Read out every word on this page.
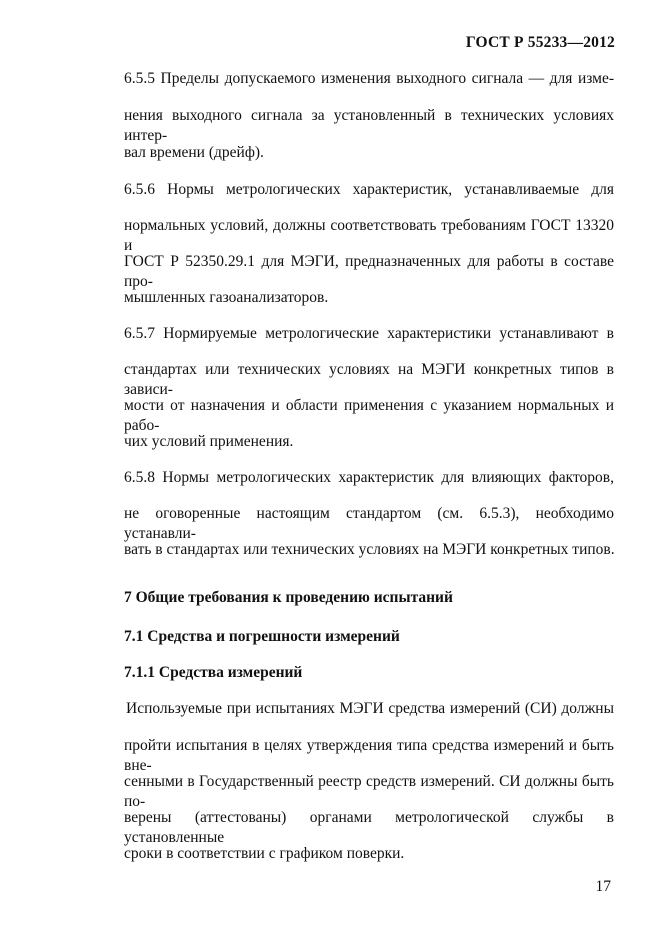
ГОСТ Р 55233—2012
6.5.5 Пределы допускаемого изменения выходного сигнала — для изме-
нения выходного сигнала за установленный в технических условиях интер-
вал времени (дрейф).
6.5.6 Нормы метрологических характеристик, устанавливаемые для
нормальных условий, должны соответствовать требованиям ГОСТ 13320 и
ГОСТ Р 52350.29.1 для МЭГИ, предназначенных для работы в составе про-
мышленных газоанализаторов.
6.5.7 Нормируемые метрологические характеристики устанавливают в
стандартах или технических условиях на МЭГИ конкретных типов в зависи-
мости от назначения и области применения с указанием нормальных и рабо-
чих условий применения.
6.5.8 Нормы метрологических характеристик для влияющих факторов,
не оговоренные настоящим стандартом (см. 6.5.3), необходимо устанавли-
вать в стандартах или технических условиях на МЭГИ конкретных типов.
7 Общие требования к проведению испытаний
7.1 Средства и погрешности измерений
7.1.1 Средства измерений
Используемые при испытаниях МЭГИ средства измерений (СИ) должны
пройти испытания в целях утверждения типа средства измерений и быть вне-
сенными в Государственный реестр средств измерений. СИ должны быть по-
верены (аттестованы) органами метрологической службы в установленные
сроки в соответствии с графиком поверки.
17
